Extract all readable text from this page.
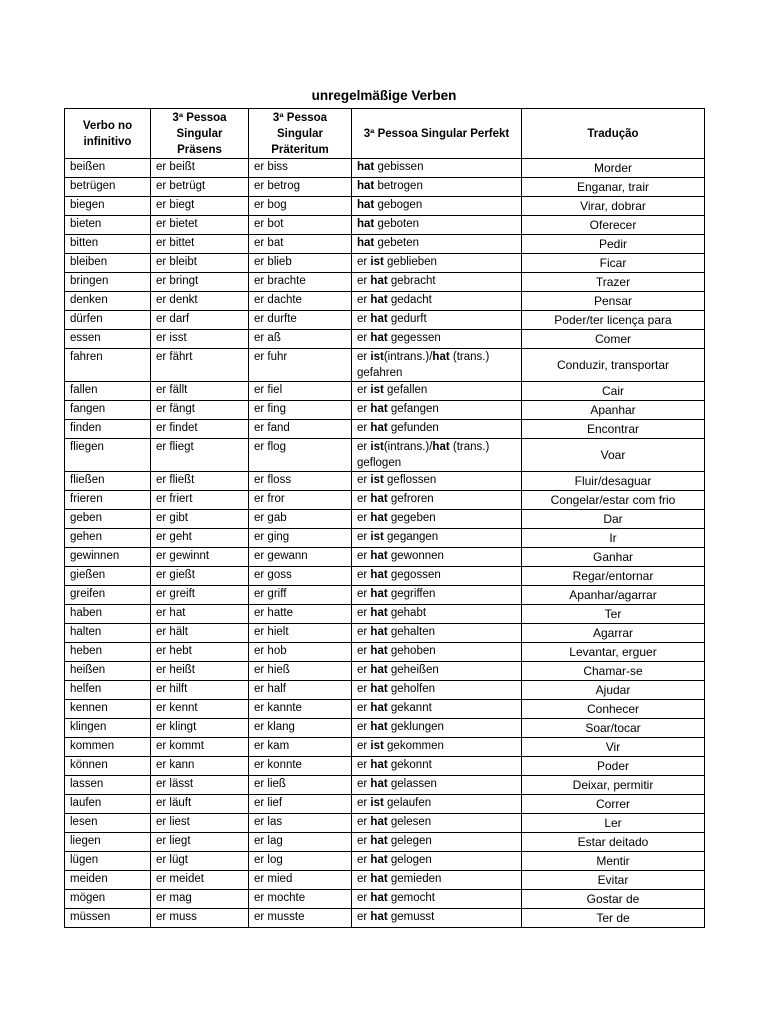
unregelmäßige Verben
Verbo no infinitivo	3ª Pessoa Singular Präsens	3ª Pessoa Singular Präteritum	3ª Pessoa Singular Perfekt	Tradução
beißen	er beißt	er biss	hat gebissen	Morder
betrügen	er betrügt	er betrog	hat betrogen	Enganar, trair
biegen	er biegt	er bog	hat gebogen	Virar, dobrar
bieten	er bietet	er bot	hat geboten	Oferecer
bitten	er bittet	er bat	hat gebeten	Pedir
bleiben	er bleibt	er blieb	er ist geblieben	Ficar
bringen	er bringt	er brachte	er hat gebracht	Trazer
denken	er denkt	er dachte	er hat gedacht	Pensar
dürfen	er darf	er durfte	er hat gedurft	Poder/ter licença para
essen	er isst	er aß	er hat gegessen	Comer
fahren	er fährt	er fuhr	er ist(intrans.)/hat (trans.) gefahren	Conduzir, transportar
fallen	er fällt	er fiel	er ist gefallen	Cair
fangen	er fängt	er fing	er hat gefangen	Apanhar
finden	er findet	er fand	er hat gefunden	Encontrar
fliegen	er fliegt	er flog	er ist(intrans.)/hat (trans.) geflogen	Voar
fließen	er fließt	er floss	er ist geflossen	Fluir/desaguar
frieren	er friert	er fror	er hat gefroren	Congelar/estar com frio
geben	er gibt	er gab	er hat gegeben	Dar
gehen	er geht	er ging	er ist gegangen	Ir
gewinnen	er gewinnt	er gewann	er hat gewonnen	Ganhar
gießen	er gießt	er goss	er hat gegossen	Regar/entornar
greifen	er greift	er griff	er hat gegriffen	Apanhar/agarrar
haben	er hat	er hatte	er hat gehabt	Ter
halten	er hält	er hielt	er hat gehalten	Agarrar
heben	er hebt	er hob	er hat gehoben	Levantar, erguer
heißen	er heißt	er hieß	er hat geheißen	Chamar-se
helfen	er hilft	er half	er hat geholfen	Ajudar
kennen	er kennt	er kannte	er hat gekannt	Conhecer
klingen	er klingt	er klang	er hat geklungen	Soar/tocar
kommen	er kommt	er kam	er ist gekommen	Vir
können	er kann	er konnte	er hat gekonnt	Poder
lassen	er lässt	er ließ	er hat gelassen	Deixar, permitir
laufen	er läuft	er lief	er ist gelaufen	Correr
lesen	er liest	er las	er hat gelesen	Ler
liegen	er liegt	er lag	er hat gelegen	Estar deitado
lügen	er lügt	er log	er hat gelogen	Mentir
meiden	er meidet	er mied	er hat gemieden	Evitar
mögen	er mag	er mochte	er hat gemocht	Gostar de
müssen	er muss	er musste	er hat gemusst	Ter de
